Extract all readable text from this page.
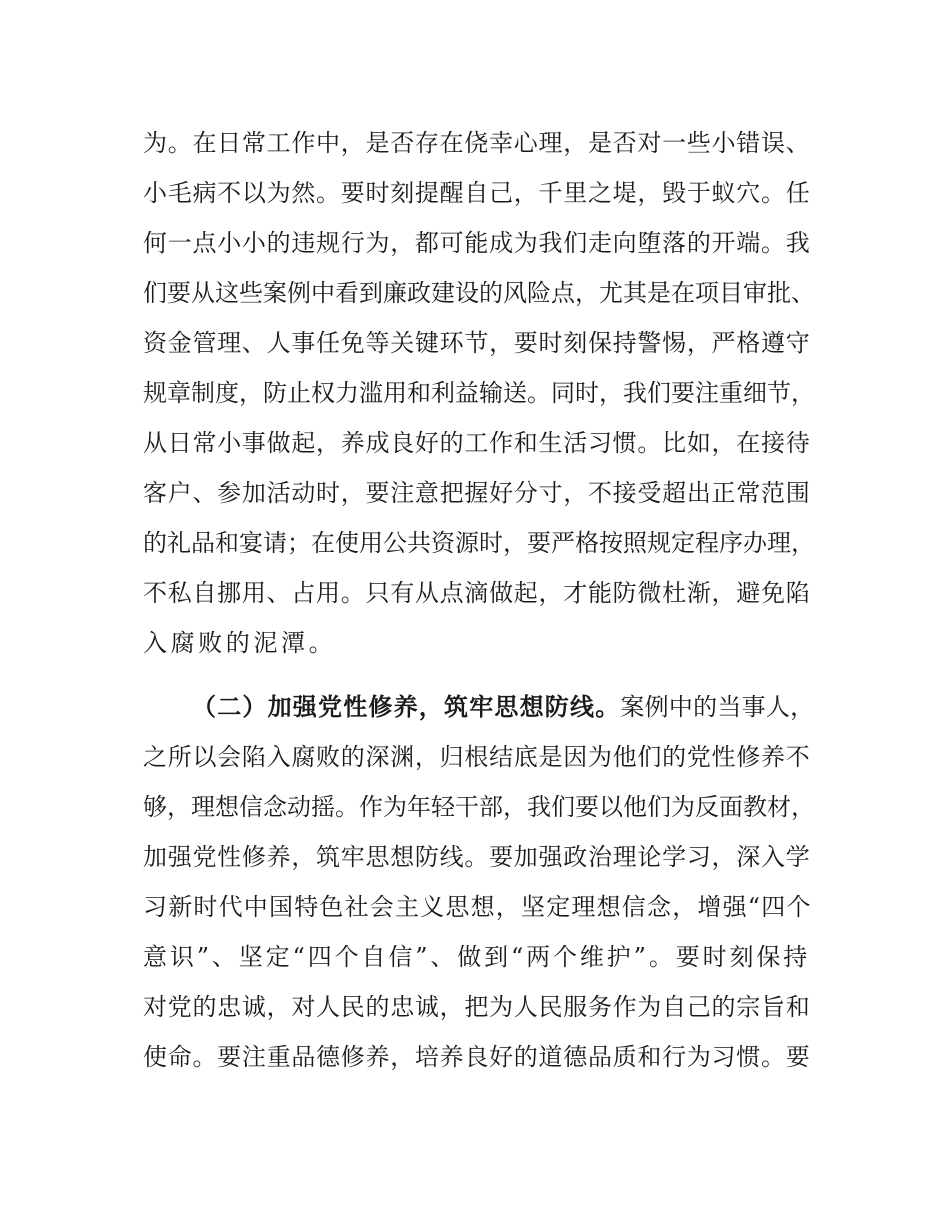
为。在日常工作中，是否存在侥幸心理，是否对一些小错误、
小毛病不以为然。要时刻提醒自己，千里之堤，毁于蚁穴。任
何一点小小的违规行为，都可能成为我们走向堕落的开端。我
们要从这些案例中看到廉政建设的风险点，尤其是在项目审批、
资金管理、人事任免等关键环节，要时刻保持警惕，严格遵守
规章制度，防止权力滥用和利益输送。同时，我们要注重细节，
从日常小事做起，养成良好的工作和生活习惯。比如，在接待
客户、参加活动时，要注意把握好分寸，不接受超出正常范围
的礼品和宴请；在使用公共资源时，要严格按照规定程序办理，
不私自挪用、占用。只有从点滴做起，才能防微杜渐，避免陷
入腐败的泥潭。
（二）加强党性修养，筑牢思想防线。案例中的当事人，
之所以会陷入腐败的深渊，归根结底是因为他们的党性修养不
够，理想信念动摇。作为年轻干部，我们要以他们为反面教材，
加强党性修养，筑牢思想防线。要加强政治理论学习，深入学
习新时代中国特色社会主义思想，坚定理想信念，增强“四个
意识”、坚定“四个自信”、做到“两个维护”。要时刻保持
对党的忠诚，对人民的忠诚，把为人民服务作为自己的宗旨和
使命。要注重品德修养，培养良好的道德品质和行为习惯。要
